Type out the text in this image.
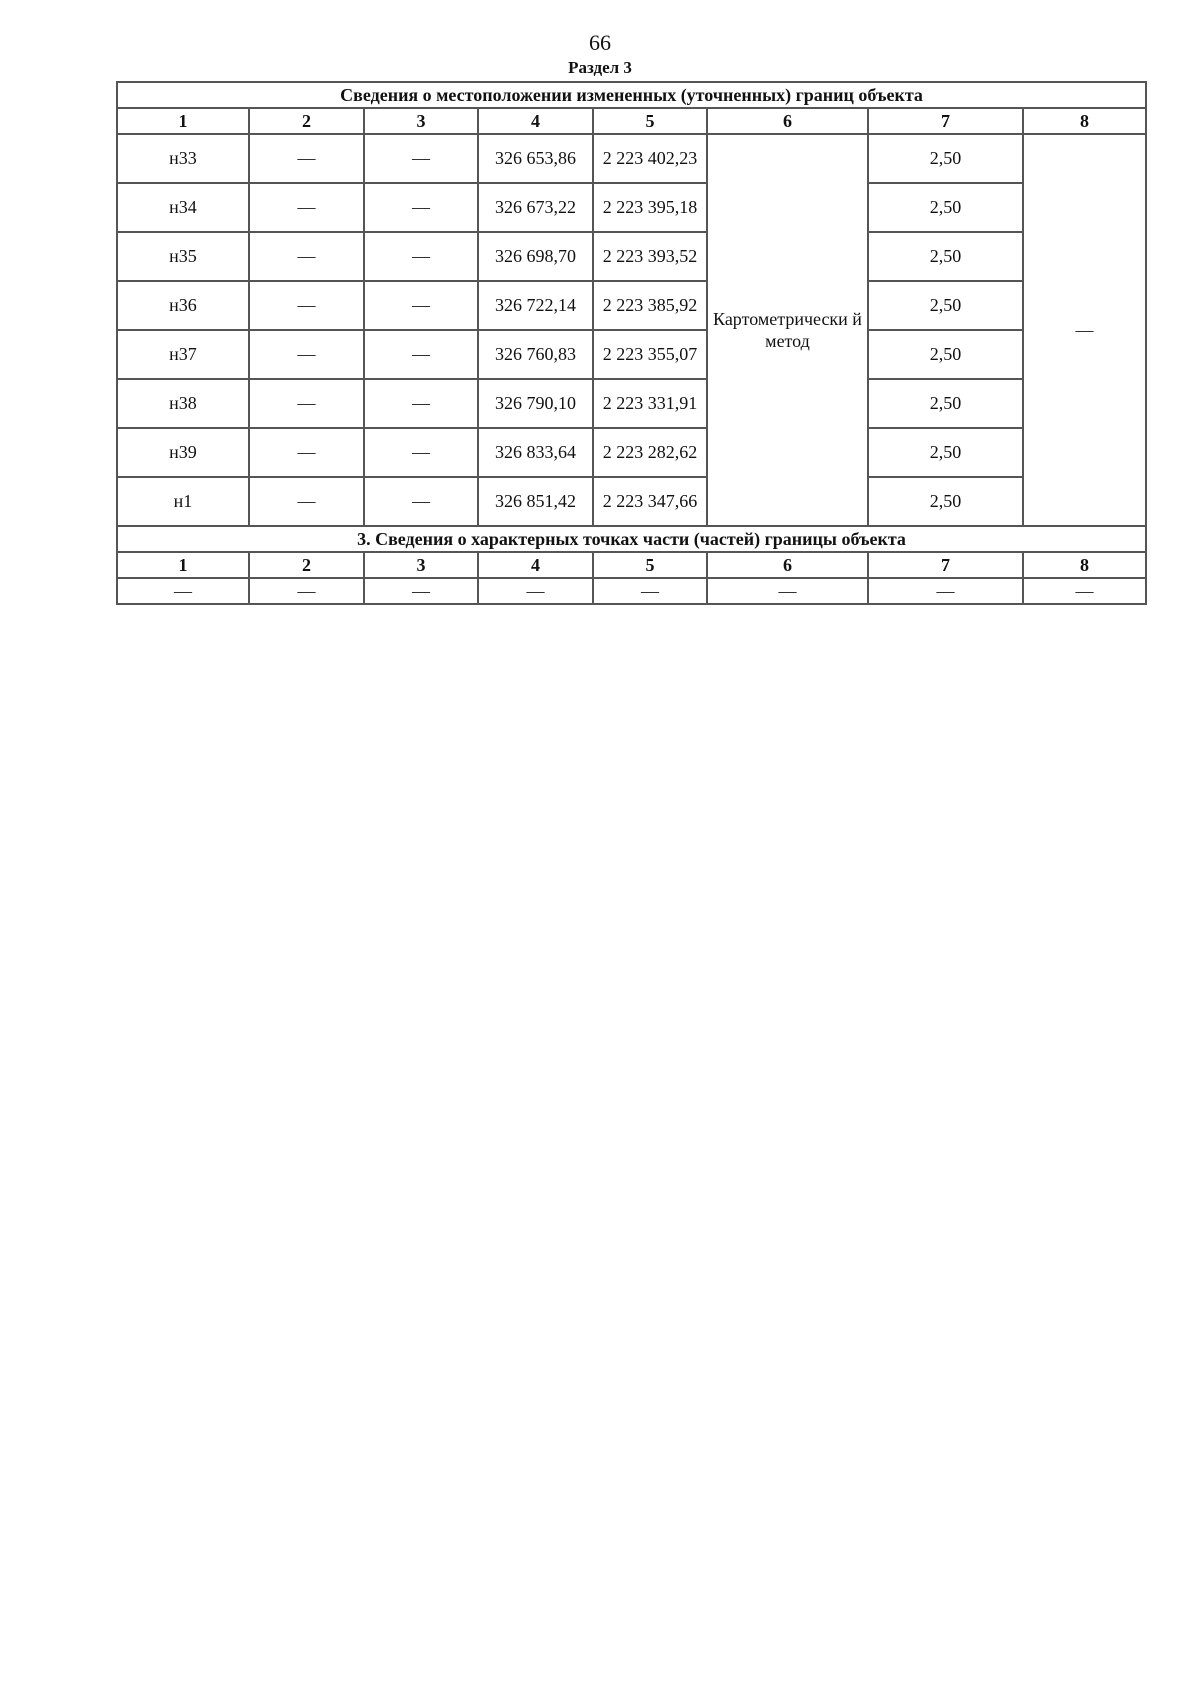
66
Раздел 3
Сведения о местоположении измененных (уточненных) границ объекта							
1	2	3	4	5	6	7	8
н33	—	—	326 653,86	2 223 402,23	Картометрически й метод	2,50	—
н34	—	—	326 673,22	2 223 395,18		2,50	
н35	—	—	326 698,70	2 223 393,52		2,50	
н36	—	—	326 722,14	2 223 385,92		2,50	
н37	—	—	326 760,83	2 223 355,07		2,50	
н38	—	—	326 790,10	2 223 331,91		2,50	
н39	—	—	326 833,64	2 223 282,62		2,50	
н1	—	—	326 851,42	2 223 347,66		2,50	
3. Сведения о характерных точках части (частей) границы объекта							
1	2	3	4	5	6	7	8
—	—	—	—	—	—	—	—
